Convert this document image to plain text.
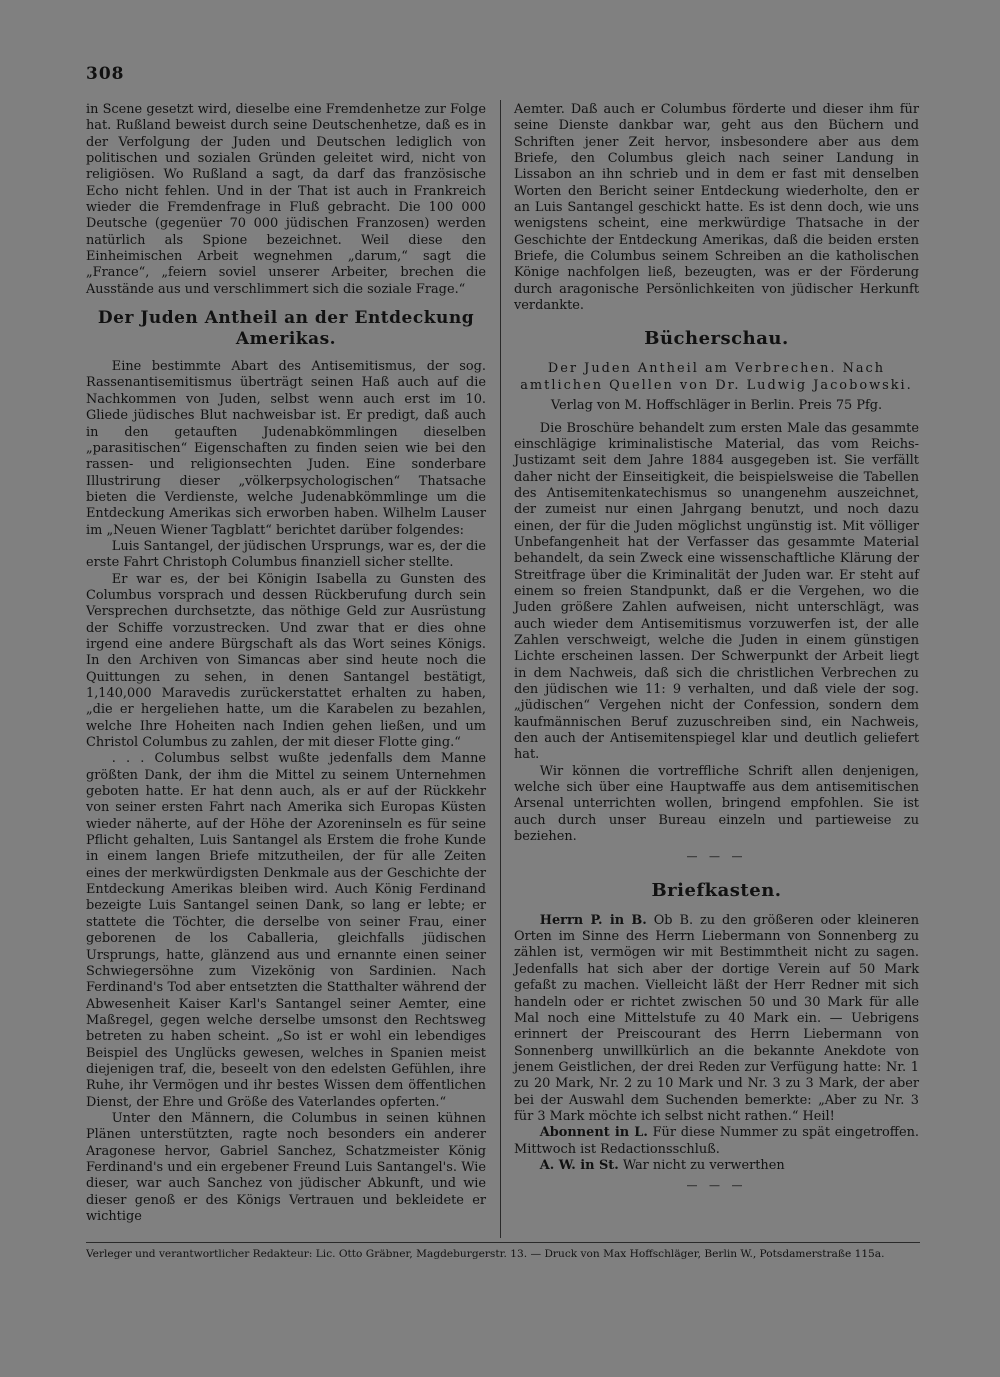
308

in Scene gesetzt wird, dieselbe eine Fremdenhetze zur Folge hat. Rußland beweist durch seine Deutschenhetze, daß es in der Verfolgung der Juden und Deutschen lediglich von politischen und sozialen Gründen geleitet wird, nicht von religiösen. Wo Rußland a sagt, da darf das französische Echo nicht fehlen. Und in der That ist auch in Frankreich wieder die Fremdenfrage in Fluß gebracht. Die 100 000 Deutsche (gegenüer 70 000 jüdischen Franzosen) werden natürlich als Spione bezeichnet. Weil diese den Einheimischen Arbeit wegnehmen „darum,“ sagt die „France“, „feiern soviel unserer Arbeiter, brechen die Ausstände aus und verschlimmert sich die soziale Frage.“

Der Juden Antheil an der Entdeckung Amerikas.

Eine bestimmte Abart des Antisemitismus, der sog. Rassenantisemitismus überträgt seinen Haß auch auf die Nachkommen von Juden, selbst wenn auch erst im 10. Gliede jüdisches Blut nachweisbar ist. Er predigt, daß auch in den getauften Judenabkömmlingen dieselben „parasitischen“ Eigenschaften zu finden seien wie bei den rassen- und religionsechten Juden. Eine sonderbare Illustrirung dieser „völkerpsychologischen“ Thatsache bieten die Verdienste, welche Judenabkömmlinge um die Entdeckung Amerikas sich erworben haben. Wilhelm Lauser im „Neuen Wiener Tagblatt“ berichtet darüber folgendes:

Luis Santangel, der jüdischen Ursprungs, war es, der die erste Fahrt Christoph Columbus finanziell sicher stellte.

Er war es, der bei Königin Isabella zu Gunsten des Columbus vorsprach und dessen Rückberufung durch sein Versprechen durchsetzte, das nöthige Geld zur Ausrüstung der Schiffe vorzustrecken. Und zwar that er dies ohne irgend eine andere Bürgschaft als das Wort seines Königs. In den Archiven von Simancas aber sind heute noch die Quittungen zu sehen, in denen Santangel bestätigt, 1,140,000 Maravedis zurückerstattet erhalten zu haben, „die er hergeliehen hatte, um die Karabelen zu bezahlen, welche Ihre Hoheiten nach Indien gehen ließen, und um Christol Columbus zu zahlen, der mit dieser Flotte ging.“

. . . Columbus selbst wußte jedenfalls dem Manne größten Dank, der ihm die Mittel zu seinem Unternehmen geboten hatte. Er hat denn auch, als er auf der Rückkehr von seiner ersten Fahrt nach Amerika sich Europas Küsten wieder näherte, auf der Höhe der Azoreninseln es für seine Pflicht gehalten, Luis Santangel als Erstem die frohe Kunde in einem langen Briefe mitzutheilen, der für alle Zeiten eines der merkwürdigsten Denkmale aus der Geschichte der Entdeckung Amerikas bleiben wird. Auch König Ferdinand bezeigte Luis Santangel seinen Dank, so lang er lebte; er stattete die Töchter, die derselbe von seiner Frau, einer geborenen de los Caballeria, gleichfalls jüdischen Ursprungs, hatte, glänzend aus und ernannte einen seiner Schwiegersöhne zum Vizekönig von Sardinien. Nach Ferdinand's Tod aber entsetzten die Statthalter während der Abwesenheit Kaiser Karl's Santangel seiner Aemter, eine Maßregel, gegen welche derselbe umsonst den Rechtsweg betreten zu haben scheint. „So ist er wohl ein lebendiges Beispiel des Unglücks gewesen, welches in Spanien meist diejenigen traf, die, beseelt von den edelsten Gefühlen, ihre Ruhe, ihr Vermögen und ihr bestes Wissen dem öffentlichen Dienst, der Ehre und Größe des Vaterlandes opferten.“

Unter den Männern, die Columbus in seinen kühnen Plänen unterstützten, ragte noch besonders ein anderer Aragonese hervor, Gabriel Sanchez, Schatzmeister König Ferdinand's und ein ergebener Freund Luis Santangel's. Wie dieser, war auch Sanchez von jüdischer Abkunft, und wie dieser genoß er des Königs Vertrauen und bekleidete er wichtige

Aemter. Daß auch er Columbus förderte und dieser ihm für seine Dienste dankbar war, geht aus den Büchern und Schriften jener Zeit hervor, insbesondere aber aus dem Briefe, den Columbus gleich nach seiner Landung in Lissabon an ihn schrieb und in dem er fast mit denselben Worten den Bericht seiner Entdeckung wiederholte, den er an Luis Santangel geschickt hatte. Es ist denn doch, wie uns wenigstens scheint, eine merkwürdige Thatsache in der Geschichte der Entdeckung Amerikas, daß die beiden ersten Briefe, die Columbus seinem Schreiben an die katholischen Könige nachfolgen ließ, bezeugten, was er der Förderung durch aragonische Persönlichkeiten von jüdischer Herkunft verdankte.

Bücherschau.

Der Juden Antheil am Verbrechen. Nach amtlichen Quellen von Dr. Ludwig Jacobowski.

Verlag von M. Hoffschläger in Berlin. Preis 75 Pfg.

Die Broschüre behandelt zum ersten Male das gesammte einschlägige kriminalistische Material, das vom Reichs-Justizamt seit dem Jahre 1884 ausgegeben ist. Sie verfällt daher nicht der Einseitigkeit, die beispielsweise die Tabellen des Antisemitenkatechismus so unangenehm auszeichnet, der zumeist nur einen Jahrgang benutzt, und noch dazu einen, der für die Juden möglichst ungünstig ist. Mit völliger Unbefangenheit hat der Verfasser das gesammte Material behandelt, da sein Zweck eine wissenschaftliche Klärung der Streitfrage über die Kriminalität der Juden war. Er steht auf einem so freien Standpunkt, daß er die Vergehen, wo die Juden größere Zahlen aufweisen, nicht unterschlägt, was auch wieder dem Antisemitismus vorzuwerfen ist, der alle Zahlen verschweigt, welche die Juden in einem günstigen Lichte erscheinen lassen. Der Schwerpunkt der Arbeit liegt in dem Nachweis, daß sich die christlichen Verbrechen zu den jüdischen wie 11: 9 verhalten, und daß viele der sog. „jüdischen“ Vergehen nicht der Confession, sondern dem kaufmännischen Beruf zuzuschreiben sind, ein Nachweis, den auch der Antisemitenspiegel klar und deutlich geliefert hat.

Wir können die vortreffliche Schrift allen denjenigen, welche sich über eine Hauptwaffe aus dem antisemitischen Arsenal unterrichten wollen, bringend empfohlen. Sie ist auch durch unser Bureau einzeln und partieweise zu beziehen.

— — —
Briefkasten.

Herrn P. in B. Ob B. zu den größeren oder kleineren Orten im Sinne des Herrn Liebermann von Sonnenberg zu zählen ist, vermögen wir mit Bestimmtheit nicht zu sagen. Jedenfalls hat sich aber der dortige Verein auf 50 Mark gefaßt zu machen. Vielleicht läßt der Herr Redner mit sich handeln oder er richtet zwischen 50 und 30 Mark für alle Mal noch eine Mittelstufe zu 40 Mark ein. — Uebrigens erinnert der Preiscourant des Herrn Liebermann von Sonnenberg unwillkürlich an die bekannte Anekdote von jenem Geistlichen, der drei Reden zur Verfügung hatte: Nr. 1 zu 20 Mark, Nr. 2 zu 10 Mark und Nr. 3 zu 3 Mark, der aber bei der Auswahl dem Suchenden bemerkte: „Aber zu Nr. 3 für 3 Mark möchte ich selbst nicht rathen.“ Heil!

Abonnent in L. Für diese Nummer zu spät eingetroffen. Mittwoch ist Redactionsschluß.

A. W. in St. War nicht zu verwerthen

— — —
Verleger und verantwortlicher Redakteur: Lic. Otto Gräbner, Magdeburgerstr. 13. — Druck von Max Hoffschläger, Berlin W., Potsdamerstraße 115a.
